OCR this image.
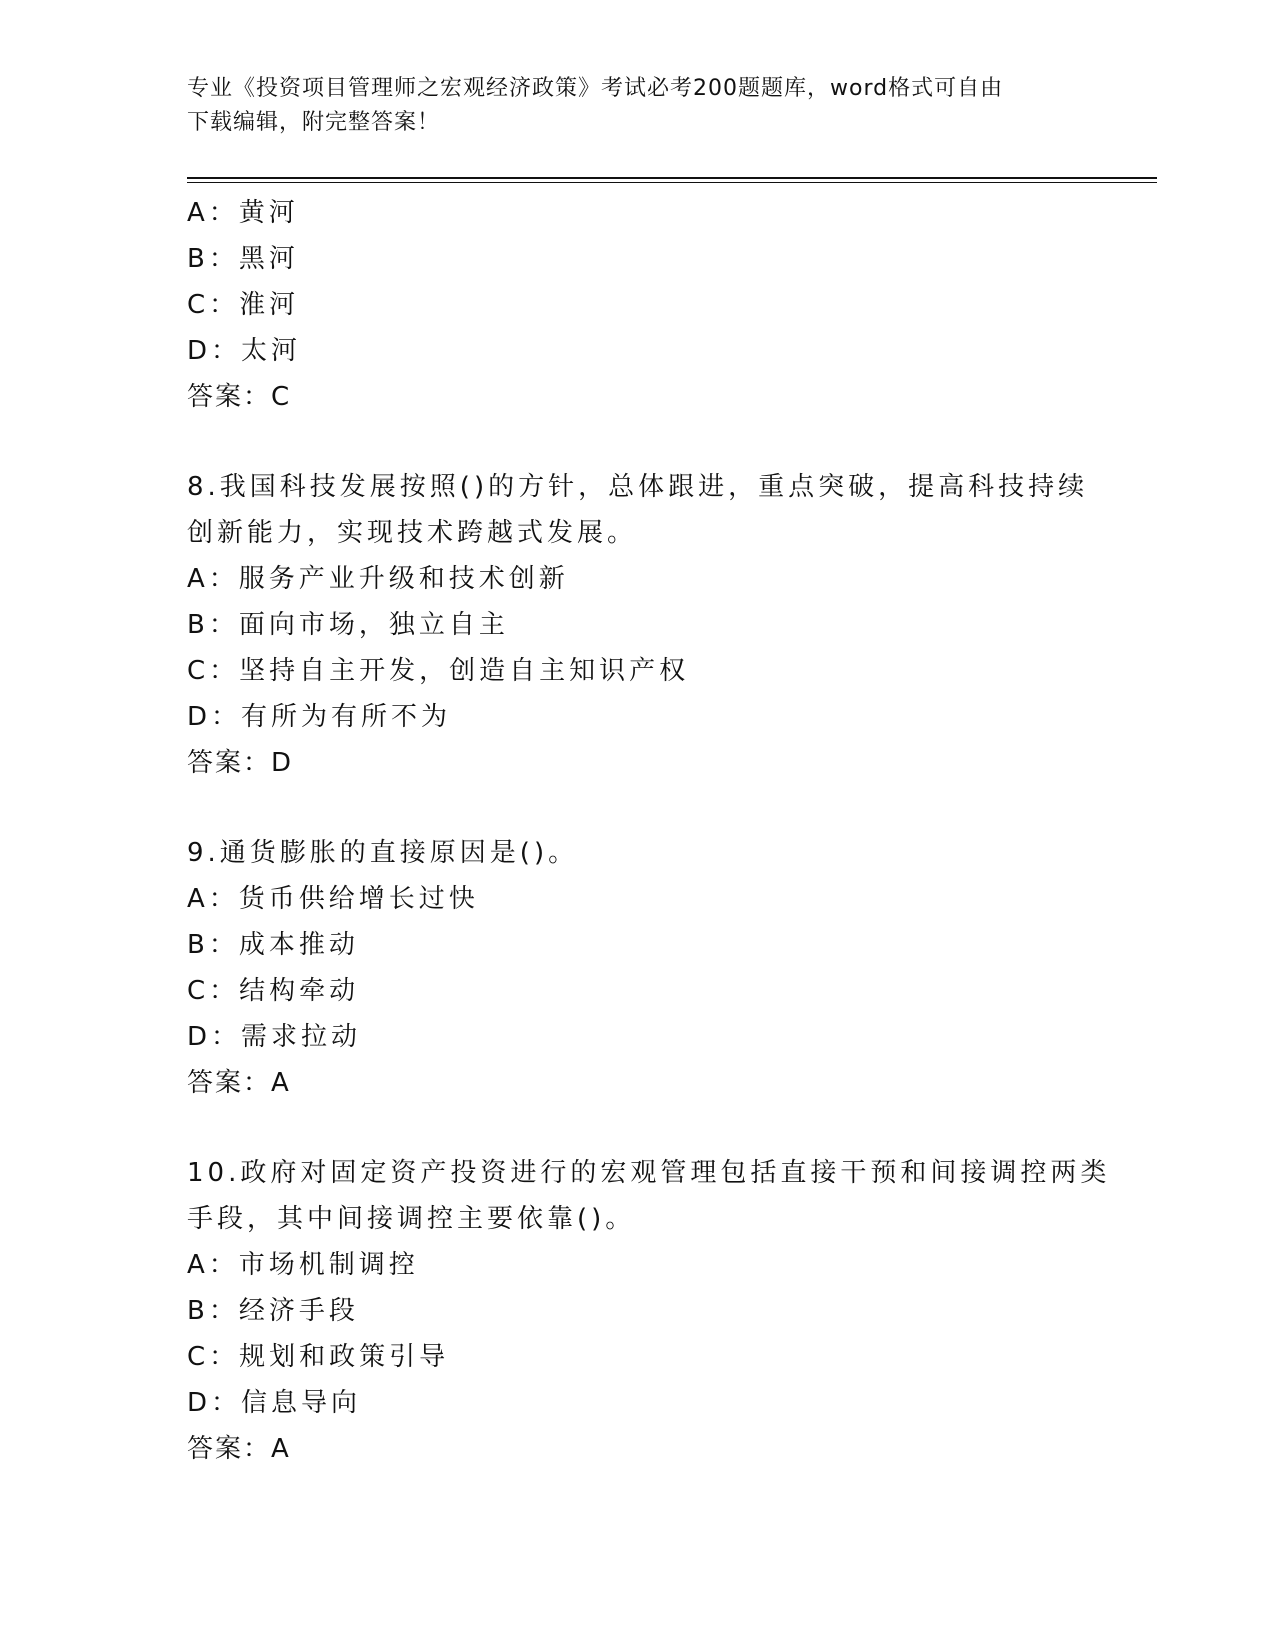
专业《投资项目管理师之宏观经济政策》考试必考200题题库，word格式可自由
下载编辑，附完整答案！
A：黄河
B：黑河
C：淮河
D：太河
答案：C
8.我国科技发展按照()的方针，总体跟进，重点突破，提高科技持续
创新能力，实现技术跨越式发展。
A：服务产业升级和技术创新
B：面向市场，独立自主
C：坚持自主开发，创造自主知识产权
D：有所为有所不为
答案：D
9.通货膨胀的直接原因是()。
A：货币供给增长过快
B：成本推动
C：结构牵动
D：需求拉动
答案：A
10.政府对固定资产投资进行的宏观管理包括直接干预和间接调控两类
手段，其中间接调控主要依靠()。
A：市场机制调控
B：经济手段
C：规划和政策引导
D：信息导向
答案：A
